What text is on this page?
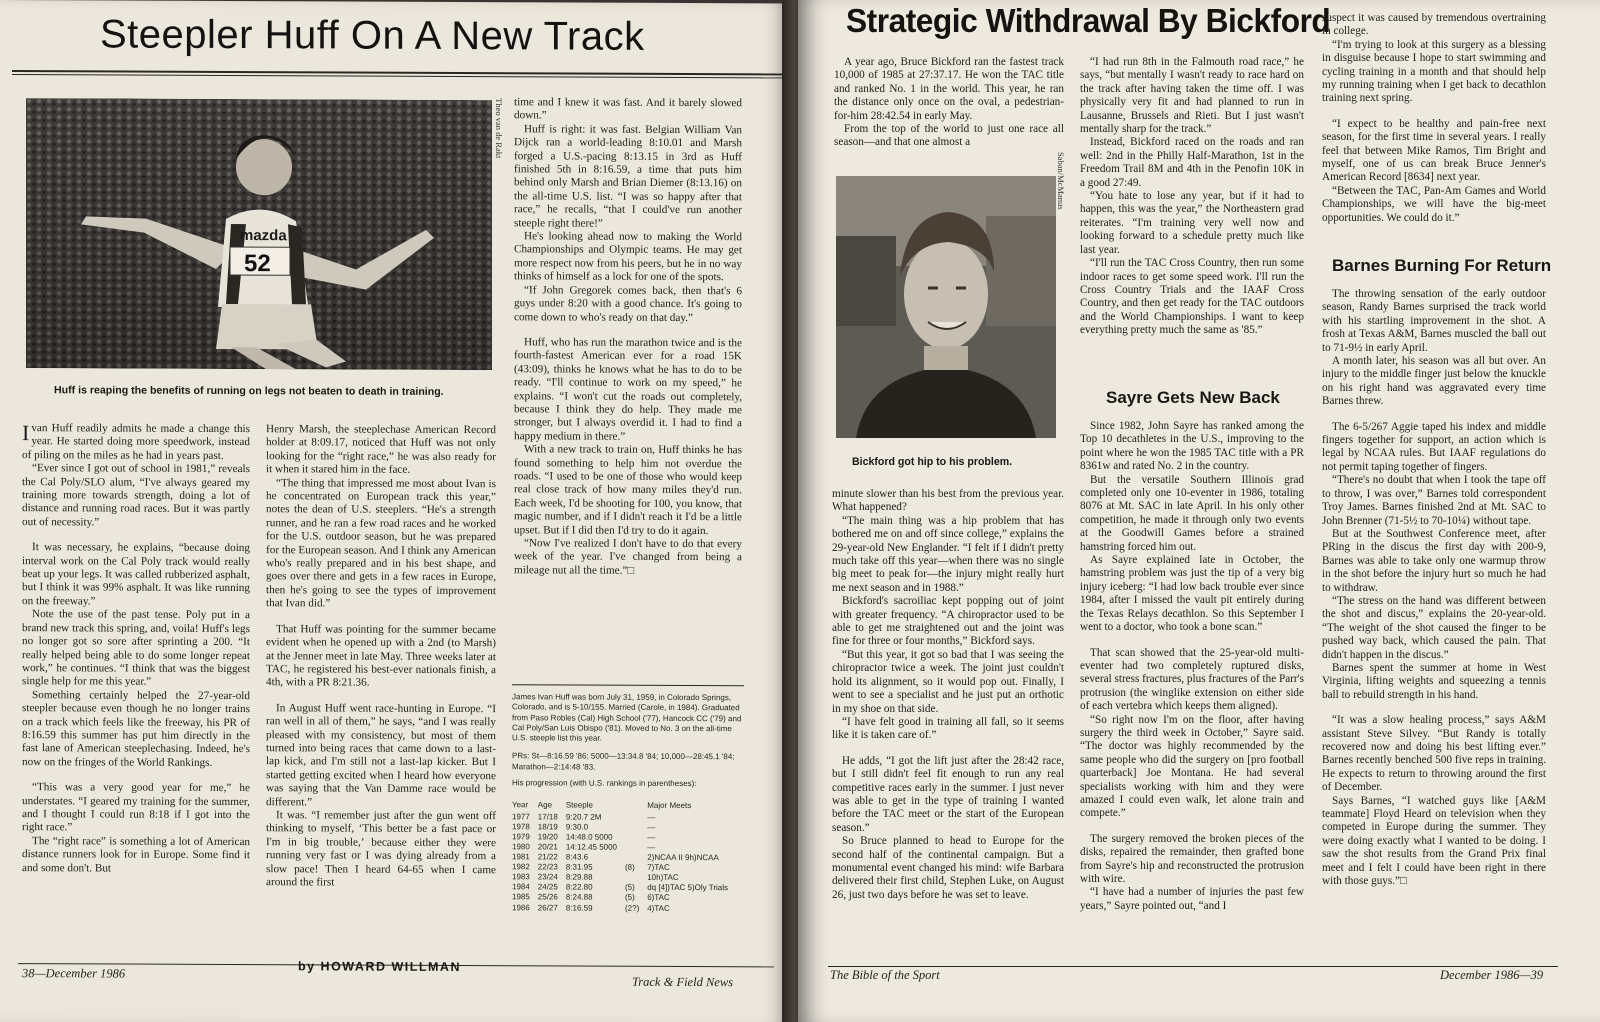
Steepler Huff On A New Track
mazda
52
Theo van de Rakt
Huff is reaping the benefits of running on legs not beaten to death in training.

Ivan Huff readily admits he made a change this year. He started doing more speedwork, instead of piling on the miles as he had in years past.

“Ever since I got out of school in 1981,” reveals the Cal Poly/SLO alum, “I've always geared my training more towards strength, doing a lot of distance and running road races. But it was partly out of necessity.”

It was necessary, he explains, “because doing interval work on the Cal Poly track would really beat up your legs. It was called rubberized asphalt, but I think it was 99% asphalt. It was like running on the freeway.”

Note the use of the past tense. Poly put in a brand new track this spring, and, voila! Huff's legs no longer got so sore after sprinting a 200. “It really helped being able to do some longer repeat work,” he continues. “I think that was the biggest single help for me this year.”

Something certainly helped the 27-year-old steepler because even though he no longer trains on a track which feels like the freeway, his PR of 8:16.59 this summer has put him directly in the fast lane of American steeplechasing. Indeed, he's now on the fringes of the World Rankings.

“This was a very good year for me,” he understates. “I geared my training for the summer, and I thought I could run 8:18 if I got into the right race.”

The “right race” is something a lot of American distance runners look for in Europe. Some find it and some don't. But

Henry Marsh, the steeplechase American Record holder at 8:09.17, noticed that Huff was not only looking for the “right race,” he was also ready for it when it stared him in the face.

“The thing that impressed me most about Ivan is he concentrated on European track this year,” notes the dean of U.S. steeplers. “He's a strength runner, and he ran a few road races and he worked for the U.S. outdoor season, but he was prepared for the European season. And I think any American who's really prepared and in his best shape, and goes over there and gets in a few races in Europe, then he's going to see the types of improvement that Ivan did.”

That Huff was pointing for the summer became evident when he opened up with a 2nd (to Marsh) at the Jenner meet in late May. Three weeks later at TAC, he registered his best-ever nationals finish, a 4th, with a PR 8:21.36.

In August Huff went race-hunting in Europe. “I ran well in all of them,” he says, “and I was really pleased with my consistency, but most of them turned into being races that came down to a last-lap kick, and I'm still not a last-lap kicker. But I started getting excited when I heard how everyone was saying that the Van Damme race would be different.”

It was. “I remember just after the gun went off thinking to myself, ‘This better be a fast pace or I'm in big trouble,’ because either they were running very fast or I was dying already from a slow pace! Then I heard 64-65 when I came around the first

time and I knew it was fast. And it barely slowed down.”

Huff is right: it was fast. Belgian William Van Dijck ran a world-leading 8:10.01 and Marsh forged a U.S.-pacing 8:13.15 in 3rd as Huff finished 5th in 8:16.59, a time that puts him behind only Marsh and Brian Diemer (8:13.16) on the all-time U.S. list. “I was so happy after that race,” he recalls, “that I could've run another steeple right there!”

He's looking ahead now to making the World Championships and Olympic teams. He may get more respect now from his peers, but he in no way thinks of himself as a lock for one of the spots.

“If John Gregorek comes back, then that's 6 guys under 8:20 with a good chance. It's going to come down to who's ready on that day.”

Huff, who has run the marathon twice and is the fourth-fastest American ever for a road 15K (43:09), thinks he knows what he has to do to be ready. “I'll continue to work on my speed,” he explains. “I won't cut the roads out completely, because I think they do help. They made me stronger, but I always overdid it. I had to find a happy medium in there.”

With a new track to train on, Huff thinks he has found something to help him not overdue the roads. “I used to be one of those who would keep real close track of how many miles they'd run. Each week, I'd be shooting for 100, you know, that magic number, and if I didn't reach it I'd be a little upset. But if I did then I'd try to do it again.

“Now I've realized I don't have to do that every week of the year. I've changed from being a mileage nut all the time.”□

James Ivan Huff was born July 31, 1959, in Colorado Springs, Colorado, and is 5-10/155. Married (Carole, in 1984). Graduated from Paso Robles (Cal) High School ('77), Hancock CC ('79) and Cal Poly/San Luis Obispo ('81). Moved to No. 3 on the all-time U.S. steeple list this year.
PRs: St—8:16.59 '86; 5000—13:34.8 '84; 10,000—28:45.1 '84; Marathon—2:14:48 '83.
His progression (with U.S. rankings in parentheses):
Year	Age	Steeple		Major Meets
1977	17/18	9:20.7 2M		—
1978	18/19	9:30.0		—
1979	19/20	14:48.0 5000		—
1980	20/21	14:12.45 5000		—
1981	21/22	8:43.6		2)NCAA II 9h)NCAA
1982	22/23	8:31.95	(8)	7)TAC
1983	23/24	8:29.88		10h)TAC
1984	24/25	8:22.80	(5)	dq [4])TAC 5)Oly Trials
1985	25/26	8:24.88	(5)	6)TAC
1986	26/27	8:16.59	(2?)	4)TAC
38—December 1986	by HOWARD WILLMAN
Track & Field News
Strategic Withdrawal By Bickford

A year ago, Bruce Bickford ran the fastest track 10,000 of 1985 at 27:37.17. He won the TAC title and ranked No. 1 in the world. This year, he ran the distance only once on the oval, a pedestrian-for-him 28:42.54 in early May.

From the top of the world to just one race all season—and that one almost a

Saban/McManus
Bickford got hip to his problem.

minute slower than his best from the previous year. What happened?

“The main thing was a hip problem that has bothered me on and off since college,” explains the 29-year-old New Englander. “I felt if I didn't pretty much take off this year—when there was no single big meet to peak for—the injury might really hurt me next season and in 1988.”

Bickford's sacroiliac kept popping out of joint with greater frequency. “A chiropractor used to be able to get me straightened out and the joint was fine for three or four months,” Bickford says.

“But this year, it got so bad that I was seeing the chiropractor twice a week. The joint just couldn't hold its alignment, so it would pop out. Finally, I went to see a specialist and he just put an orthotic in my shoe on that side.

“I have felt good in training all fall, so it seems like it is taken care of.”

He adds, “I got the lift just after the 28:42 race, but I still didn't feel fit enough to run any real competitive races early in the summer. I just never was able to get in the type of training I wanted before the TAC meet or the start of the European season.”

So Bruce planned to head to Europe for the second half of the continental campaign. But a monumental event changed his mind: wife Barbara delivered their first child, Stephen Luke, on August 26, just two days before he was set to leave.

“I had run 8th in the Falmouth road race,” he says, “but mentally I wasn't ready to race hard on the track after having taken the time off. I was physically very fit and had planned to run in Lausanne, Brussels and Rieti. But I just wasn't mentally sharp for the track.”

Instead, Bickford raced on the roads and ran well: 2nd in the Philly Half-Marathon, 1st in the Freedom Trail 8M and 4th in the Penofin 10K in a good 27:49.

“You hate to lose any year, but if it had to happen, this was the year,” the Northeastern grad reiterates. “I'm training very well now and looking forward to a schedule pretty much like last year.

“I'll run the TAC Cross Country, then run some indoor races to get some speed work. I'll run the Cross Country Trials and the IAAF Cross Country, and then get ready for the TAC outdoors and the World Championships. I want to keep everything pretty much the same as '85.”

Sayre Gets New Back

Since 1982, John Sayre has ranked among the Top 10 decathletes in the U.S., improving to the point where he won the 1985 TAC title with a PR 8361w and rated No. 2 in the country.

But the versatile Southern Illinois grad completed only one 10-eventer in 1986, totaling 8076 at Mt. SAC in late April. In his only other competition, he made it through only two events at the Goodwill Games before a strained hamstring forced him out.

As Sayre explained late in October, the hamstring problem was just the tip of a very big injury iceberg: “I had low back trouble ever since 1984, after I missed the vault pit entirely during the Texas Relays decathlon. So this September I went to a doctor, who took a bone scan.”

That scan showed that the 25-year-old multi-eventer had two completely ruptured disks, several stress fractures, plus fractures of the Parr's protrusion (the winglike extension on either side of each vertebra which keeps them aligned).

“So right now I'm on the floor, after having surgery the third week in October,” Sayre said. “The doctor was highly recommended by the same people who did the surgery on [pro football quarterback] Joe Montana. He had several specialists working with him and they were amazed I could even walk, let alone train and compete.”

The surgery removed the broken pieces of the disks, repaired the remainder, then grafted bone from Sayre's hip and reconstructed the protrusion with wire.

“I have had a number of injuries the past few years,” Sayre pointed out, “and I

suspect it was caused by tremendous overtraining in college.

“I'm trying to look at this surgery as a blessing in disguise because I hope to start swimming and cycling training in a month and that should help my running training when I get back to decathlon training next spring.

“I expect to be healthy and pain-free next season, for the first time in several years. I really feel that between Mike Ramos, Tim Bright and myself, one of us can break Bruce Jenner's American Record [8634] next year.

“Between the TAC, Pan-Am Games and World Championships, we will have the big-meet opportunities. We could do it.”

Barnes Burning For Return

The throwing sensation of the early outdoor season, Randy Barnes surprised the track world with his startling improvement in the shot. A frosh at Texas A&M, Barnes muscled the ball out to 71-9½ in early April.

A month later, his season was all but over. An injury to the middle finger just below the knuckle on his right hand was aggravated every time Barnes threw.

The 6-5/267 Aggie taped his index and middle fingers together for support, an action which is legal by NCAA rules. But IAAF regulations do not permit taping together of fingers.

“There's no doubt that when I took the tape off to throw, I was over,” Barnes told correspondent Troy James. Barnes finished 2nd at Mt. SAC to John Brenner (71-5½ to 70-10¼) without tape.

But at the Southwest Conference meet, after PRing in the discus the first day with 200-9, Barnes was able to take only one warmup throw in the shot before the injury hurt so much he had to withdraw.

“The stress on the hand was different between the shot and discus,” explains the 20-year-old. “The weight of the shot caused the finger to be pushed way back, which caused the pain. That didn't happen in the discus.”

Barnes spent the summer at home in West Virginia, lifting weights and squeezing a tennis ball to rebuild strength in his hand.

“It was a slow healing process,” says A&M assistant Steve Silvey. “But Randy is totally recovered now and doing his best lifting ever.” Barnes recently benched 500 five reps in training. He expects to return to throwing around the first of December.

Says Barnes, “I watched guys like [A&M teammate] Floyd Heard on television when they competed in Europe during the summer. They were doing exactly what I wanted to be doing. I saw the shot results from the Grand Prix final meet and I felt I could have been right in there with those guys.”□

The Bible of the Sport	December 1986—39
